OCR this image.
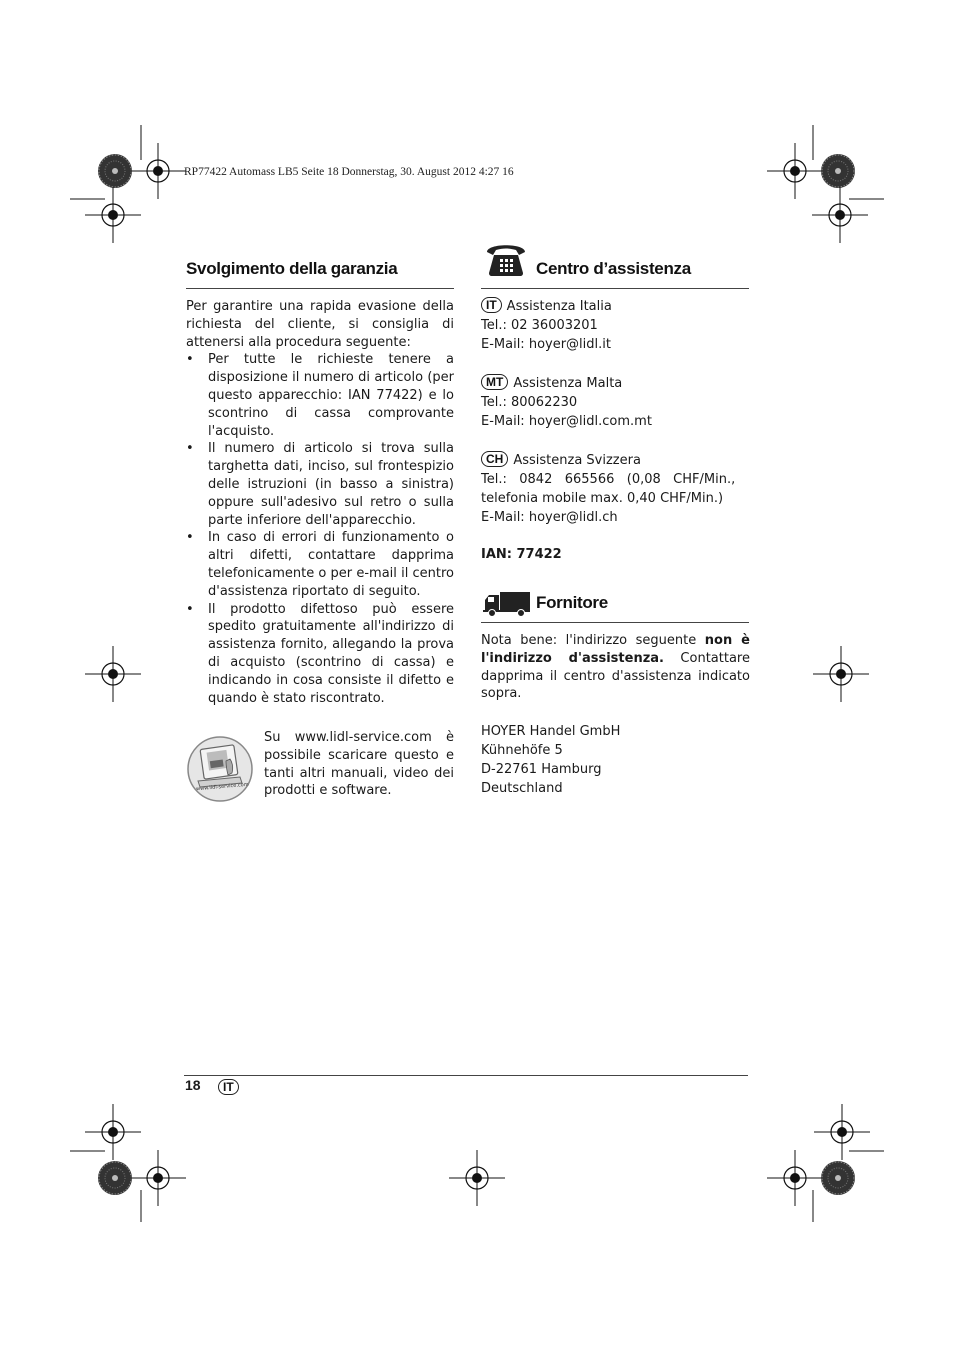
RP77422 Automass LB5 Seite 18 Donnerstag, 30. August 2012 4:27 16
Svolgimento della garanzia

Per garantire una rapida evasione della richiesta del cliente, si consiglia di attenersi alla procedura seguente:

• Per tutte le richieste tenere a disposizione il numero di articolo (per questo apparecchio: IAN 77422) e lo scontrino di cassa comprovante l'acquisto.
• Il numero di articolo si trova sulla targhetta dati, inciso, sul frontespizio delle istruzioni (in basso a sinistra) oppure sull'adesivo sul retro o sulla parte inferiore dell'apparecchio.
• In caso di errori di funzionamento o altri difetti, contattare dapprima telefonicamente o per e-mail il centro d'assistenza riportato di seguito.
• Il prodotto difettoso può essere spedito gratuitamente all'indirizzo di assistenza fornito, allegando la prova di acquisto (scontrino di cassa) e indicando in cosa consiste il difetto e quando è stato riscontrato.
www.lidl-service.com

Su www.lidl-service.com è possibile scaricare questo e tanti altri manuali, video dei prodotti e software.

Centro d’assistenza
IT Assistenza Italia
Tel.: 02 36003201
E-Mail: hoyer@lidl.it
MT Assistenza Malta
Tel.: 80062230
E-Mail: hoyer@lidl.com.mt
CH Assistenza Svizzera
Tel.:   0842   665566   (0,08   CHF/Min.,
telefonia mobile max. 0,40 CHF/Min.)
E-Mail: hoyer@lidl.ch
IAN: 77422
Fornitore

Nota bene: l'indirizzo seguente non è l'indirizzo d'assistenza. Contattare dapprima il centro d'assistenza indicato sopra.

HOYER Handel GmbH
Kühnehöfe 5
D-22761 Hamburg
Deutschland
18	IT
